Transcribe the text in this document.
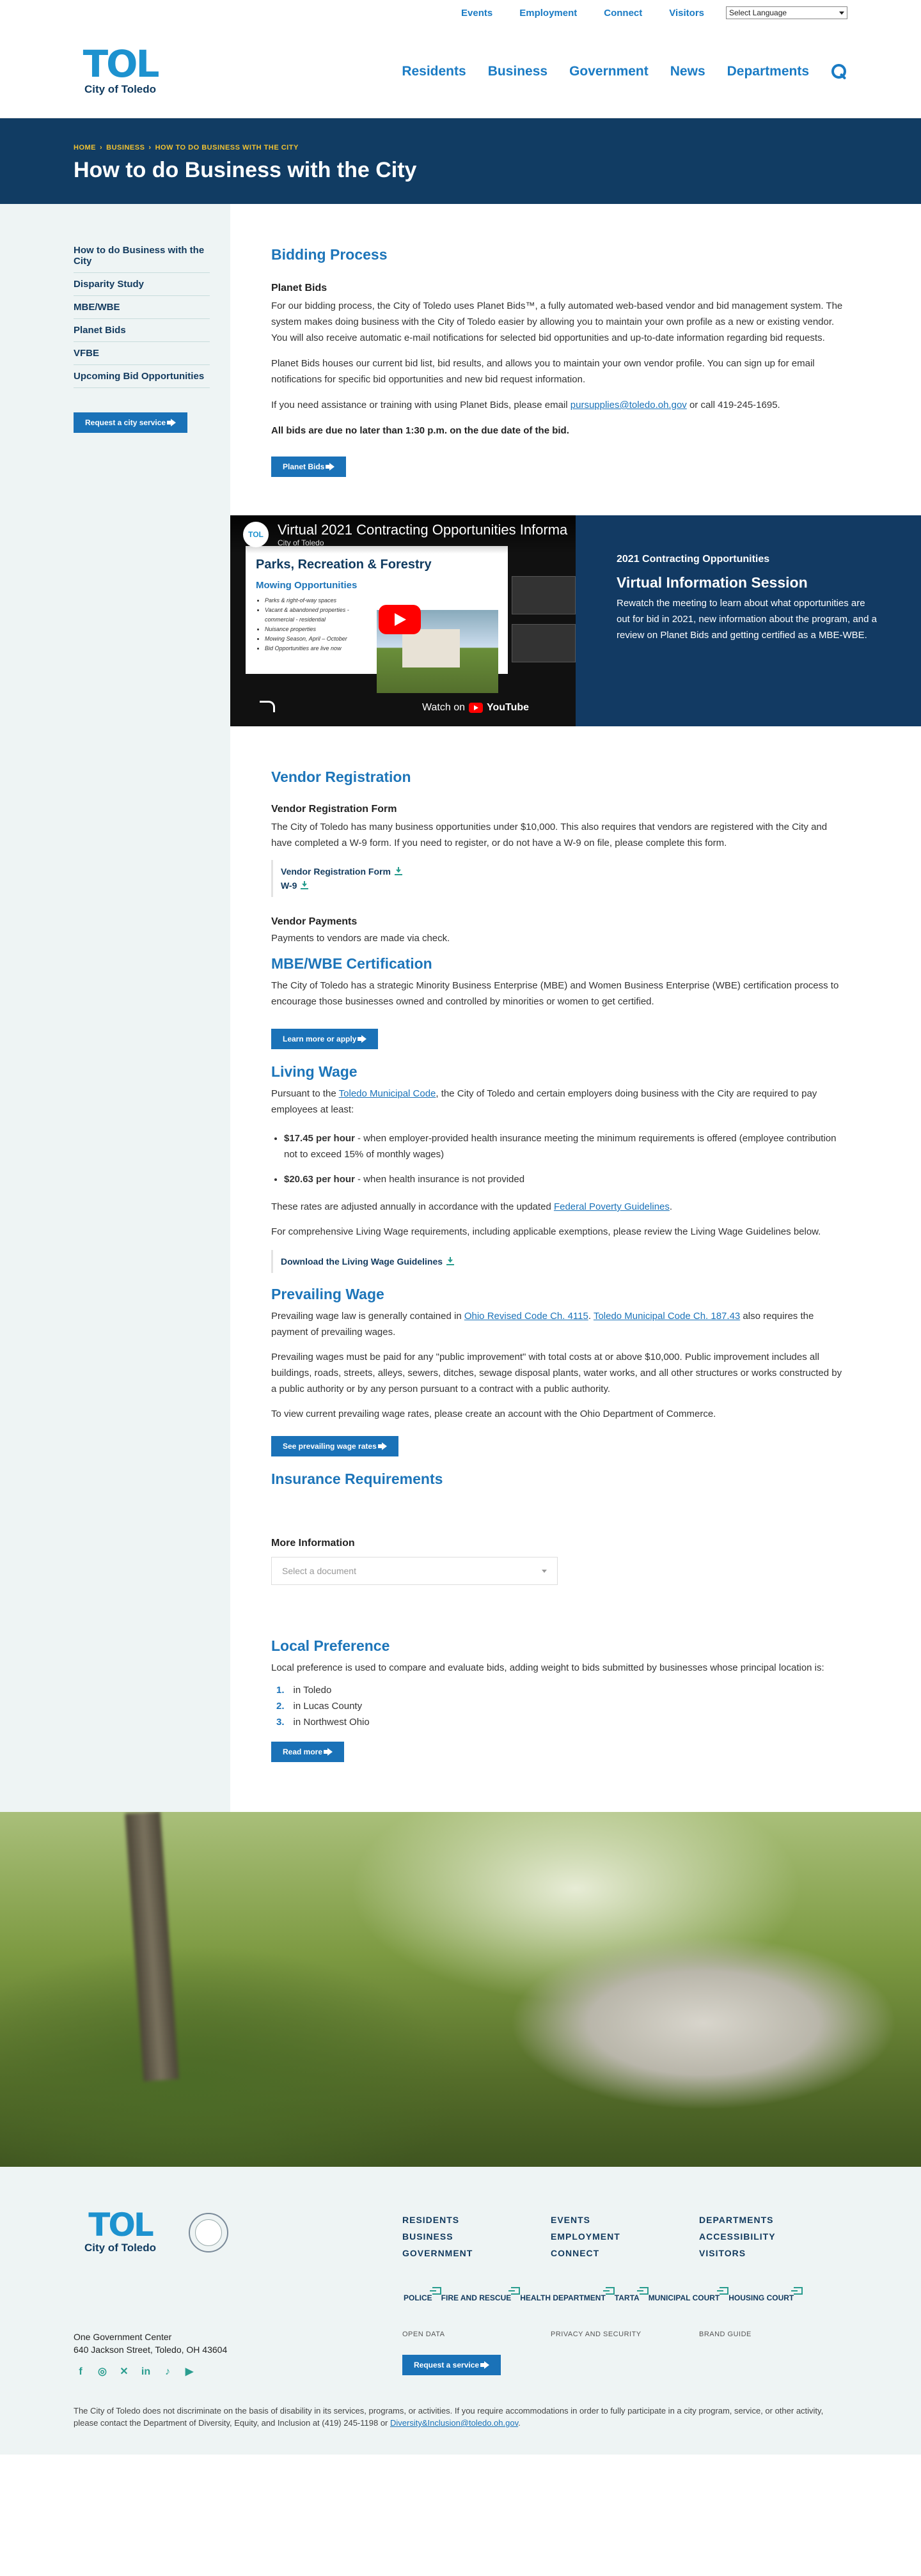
Events	Employment	Connect	Visitors	Select Language
TOL
City of Toledo
Residents Business Government News Departments
HOME › BUSINESS › HOW TO DO BUSINESS WITH THE CITY
How to do Business with the City
How to do Business with the City
Disparity Study
MBE/WBE
Planet Bids
VFBE
Upcoming Bid Opportunities
Request a city service
Bidding Process
Planet Bids

For our bidding process, the City of Toledo uses Planet Bids™, a fully automated web-based vendor and bid management system. The system makes doing business with the City of Toledo easier by allowing you to maintain your own profile as a new or existing vendor. You will also receive automatic e-mail notifications for selected bid opportunities and up-to-date information regarding bid requests.

Planet Bids houses our current bid list, bid results, and allows you to maintain your own vendor profile. You can sign up for email notifications for specific bid opportunities and new bid request information.

If you need assistance or training with using Planet Bids, please email pursupplies@toledo.oh.gov or call 419-245-1695.

All bids are due no later than 1:30 p.m. on the due date of the bid.

Planet Bids
Parks, Recreation & Forestry
Mowing Opportunities
• Parks & right-of-way spaces
• Vacant & abandoned properties - commercial - residential
• Nuisance properties
• Mowing Season, April – October
• Bid Opportunities are live now
TOL	Virtual 2021 Contracting Opportunities Informa
City of Toledo
Watch on YouTube
2021 Contracting Opportunities
Virtual Information Session

Rewatch the meeting to learn about what opportunities are out for bid in 2021, new information about the program, and a review on Planet Bids and getting certified as a MBE-WBE.

Vendor Registration
Vendor Registration Form

The City of Toledo has many business opportunities under $10,000. This also requires that vendors are registered with the City and have completed a W-9 form. If you need to register, or do not have a W-9 on file, please complete this form.

Vendor Registration Form
W-9
Vendor Payments

Payments to vendors are made via check.

MBE/WBE Certification

The City of Toledo has a strategic Minority Business Enterprise (MBE) and Women Business Enterprise (WBE) certification process to encourage those businesses owned and controlled by minorities or women to get certified.

Learn more or apply
Living Wage

Pursuant to the Toledo Municipal Code, the City of Toledo and certain employers doing business with the City are required to pay employees at least:

• $17.45 per hour - when employer-provided health insurance meeting the minimum requirements is offered (employee contribution not to exceed 15% of monthly wages)
• $20.63 per hour - when health insurance is not provided

These rates are adjusted annually in accordance with the updated Federal Poverty Guidelines.

For comprehensive Living Wage requirements, including applicable exemptions, please review the Living Wage Guidelines below.

Download the Living Wage Guidelines
Prevailing Wage

Prevailing wage law is generally contained in Ohio Revised Code Ch. 4115. Toledo Municipal Code Ch. 187.43 also requires the payment of prevailing wages.

Prevailing wages must be paid for any "public improvement" with total costs at or above $10,000. Public improvement includes all buildings, roads, streets, alleys, sewers, ditches, sewage disposal plants, water works, and all other structures or works constructed by a public authority or by any person pursuant to a contract with a public authority.

To view current prevailing wage rates, please create an account with the Ohio Department of Commerce.

See prevailing wage rates
Insurance Requirements
More Information
Select a document
Local Preference

Local preference is used to compare and evaluate bids, adding weight to bids submitted by businesses whose principal location is:

1. in Toledo
2. in Lucas County
3. in Northwest Ohio
Read more
TOL
City of Toledo
RESIDENTS
BUSINESS
GOVERNMENT
EVENTS
EMPLOYMENT
CONNECT
DEPARTMENTS
ACCESSIBILITY
VISITORS
POLICE FIRE AND RESCUE HEALTH DEPARTMENT TARTA MUNICIPAL COURT HOUSING COURT
One Government Center
640 Jackson Street, Toledo, OH 43604
f	◎ ✕ in	♪	▶
OPEN DATA	PRIVACY AND SECURITY	BRAND GUIDE
Request a service

The City of Toledo does not discriminate on the basis of disability in its services, programs, or activities. If you require accommodations in order to fully participate in a city program, service, or other activity, please contact the Department of Diversity, Equity, and Inclusion at (419) 245-1198 or Diversity&Inclusion@toledo.oh.gov.
